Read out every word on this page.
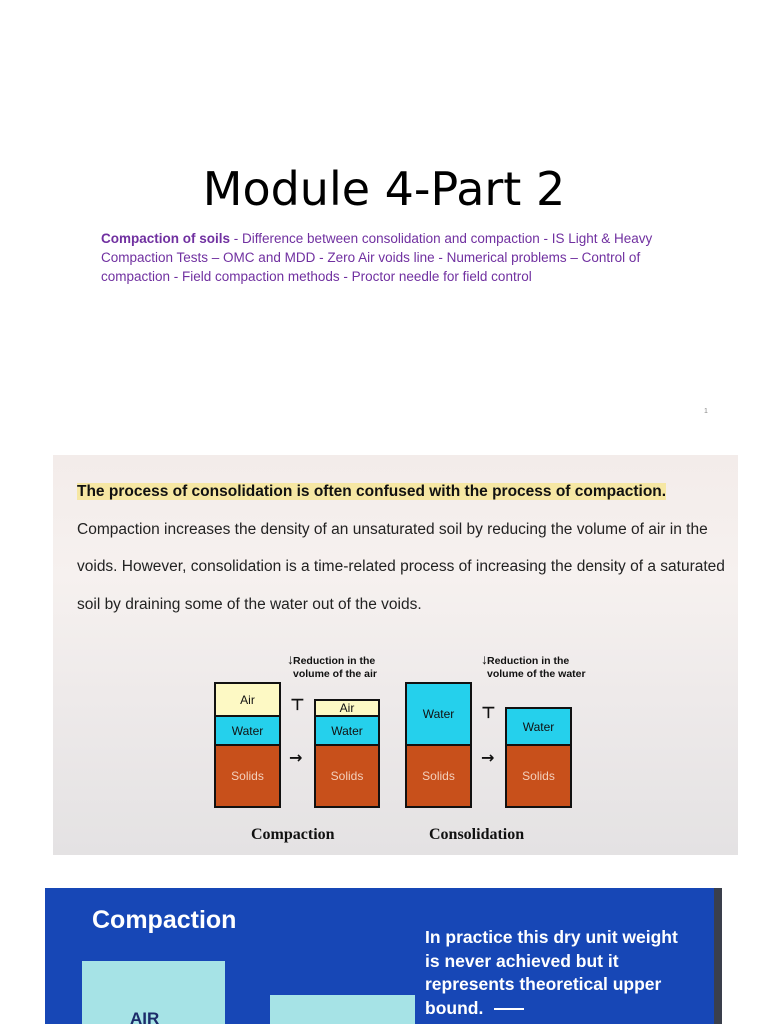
Module 4-Part 2
Compaction of soils - Difference between consolidation and compaction - IS Light & Heavy Compaction Tests – OMC and MDD - Zero Air voids line - Numerical problems – Control of compaction - Field compaction methods - Proctor needle for field control
1
The process of consolidation is often confused with the process of compaction.
Compaction increases the density of an unsaturated soil by reducing the volume of air in the voids. However, consolidation is a time-related process of increasing the density of a saturated soil by draining some of the water out of the voids.
↓ Reduction in the volume of the air
↓ Reduction in the volume of the water
Air
Water
Solids
⊤
→
Air
Water
Solids
Water
Solids
⊤
→
Water
Solids
Compaction	Consolidation
Compaction
AIR
In practice this dry unit weight is never achieved but it represents theoretical upper bound.
